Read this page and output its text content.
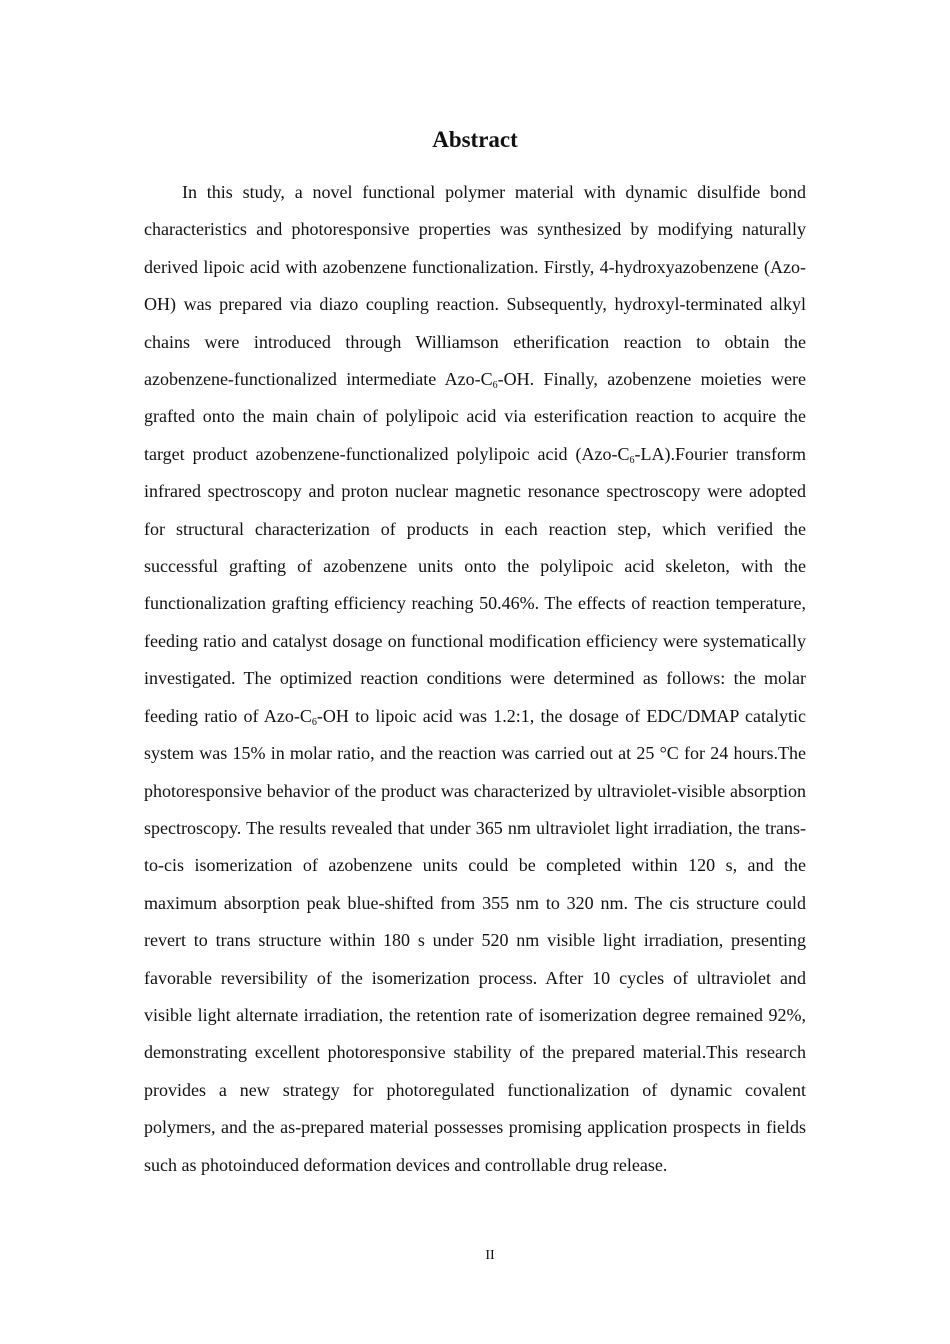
Abstract

In this study, a novel functional polymer material with dynamic disulfide bond characteristics and photoresponsive properties was synthesized by modifying naturally derived lipoic acid with azobenzene functionalization. Firstly, 4-hydroxyazobenzene (Azo-OH) was prepared via diazo coupling reaction. Subsequently, hydroxyl-terminated alkyl chains were introduced through Williamson etherification reaction to obtain the azobenzene-functionalized intermediate Azo-$C_6-OH$. Finally, azobenzene moieties were grafted onto the main chain of polylipoic acid via esterification reaction to acquire the target product azobenzene-functionalized polylipoic acid $(Azo-C_6-LA).Fourier$ transform infrared spectroscopy and proton nuclear magnetic resonance spectroscopy were adopted for structural characterization of products in each reaction step, which verified the successful grafting of azobenzene units onto the polylipoic acid skeleton, with the functionalization grafting efficiency reaching 50.46%. The effects of reaction temperature, feeding ratio and catalyst dosage on functional modification efficiency were systematically investigated. The optimized reaction conditions were determined as follows: the molar feeding ratio of Azo-$C_6-OH$ to lipoic acid was 1.2:1, the dosage of EDC/DMAP catalytic system was 15% in molar ratio, and the reaction was carried out at 25 °C for 24 hours.The photoresponsive behavior of the product was characterized by ultraviolet-visible absorption spectroscopy. The results revealed that under 365 nm ultraviolet light irradiation, the trans-to-cis isomerization of azobenzene units could be completed within 120 s, and the maximum absorption peak blue-shifted from 355 nm to 320 nm. The cis structure could revert to trans structure within 180 s under 520 nm visible light irradiation, presenting favorable reversibility of the isomerization process. After 10 cycles of ultraviolet and visible light alternate irradiation, the retention rate of isomerization degree remained 92%, demonstrating excellent photoresponsive stability of the prepared material.This research provides a new strategy for photoregulated functionalization of dynamic covalent polymers, and the as-prepared material possesses promising application prospects in fields such as photoinduced deformation devices and controllable drug release.

II
